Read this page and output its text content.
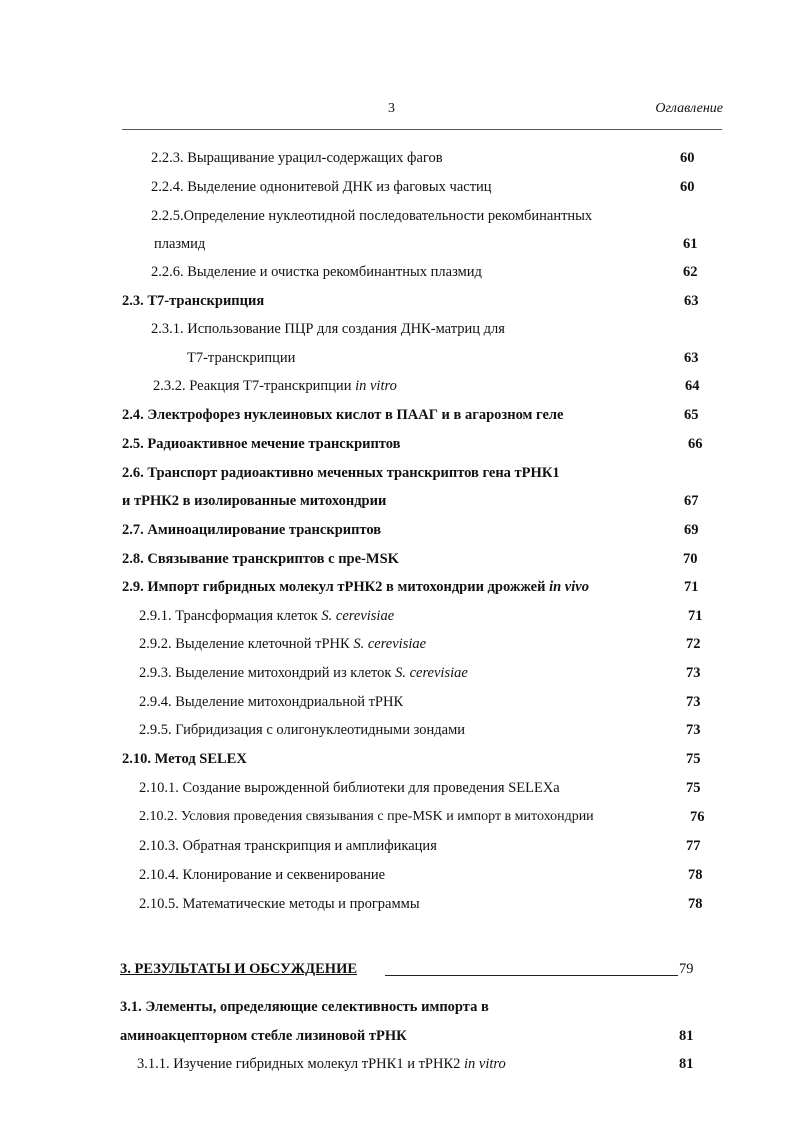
3	Оглавление
2.2.3. Выращивание урацил-содержащих фагов	60
2.2.4. Выделение однонитевой ДНК из фаговых частиц	60
2.2.5.Определение нуклеотидной последовательности рекомбинантных
плазмид	61
2.2.6. Выделение и очистка рекомбинантных плазмид	62
2.3. Т7-транскрипция	63
2.3.1. Использование ПЦР для создания ДНК-матриц для
Т7-транскрипции	63
2.3.2. Реакция Т7-транскрипции in vitro	64
2.4. Электрофорез нуклеиновых кислот в ПААГ и в агарозном геле	65
2.5. Радиоактивное мечение транскриптов	66
2.6. Транспорт радиоактивно меченных транскриптов гена тРНК1
и тРНК2 в изолированные митохондрии	67
2.7. Аминоацилирование транскриптов	69
2.8. Связывание транскриптов с пре-MSK	70
2.9. Импорт гибридных молекул тРНК2 в митохондрии дрожжей in vivo	71
2.9.1. Трансформация клеток S. cerevisiae	71
2.9.2. Выделение клеточной тРНК S. cerevisiae	72
2.9.3. Выделение митохондрий из клеток S. cerevisiae	73
2.9.4. Выделение митохондриальной тРНК	73
2.9.5. Гибридизация с олигонуклеотидными зондами	73
2.10. Метод SELEX	75
2.10.1. Создание вырожденной библиотеки для проведения SELEXа	75
2.10.2. Условия проведения связывания с пре-MSK и импорт в митохондрии	76
2.10.3. Обратная транскрипция и амплификация	77
2.10.4. Клонирование и секвенирование	78
2.10.5. Математические методы и программы	78
3. РЕЗУЛЬТАТЫ И ОБСУЖДЕНИЕ	79
3.1. Элементы, определяющие селективность импорта в
аминоакцепторном стебле лизиновой тРНК	81
3.1.1. Изучение гибридных молекул тРНК1 и тРНК2 in vitro	81
